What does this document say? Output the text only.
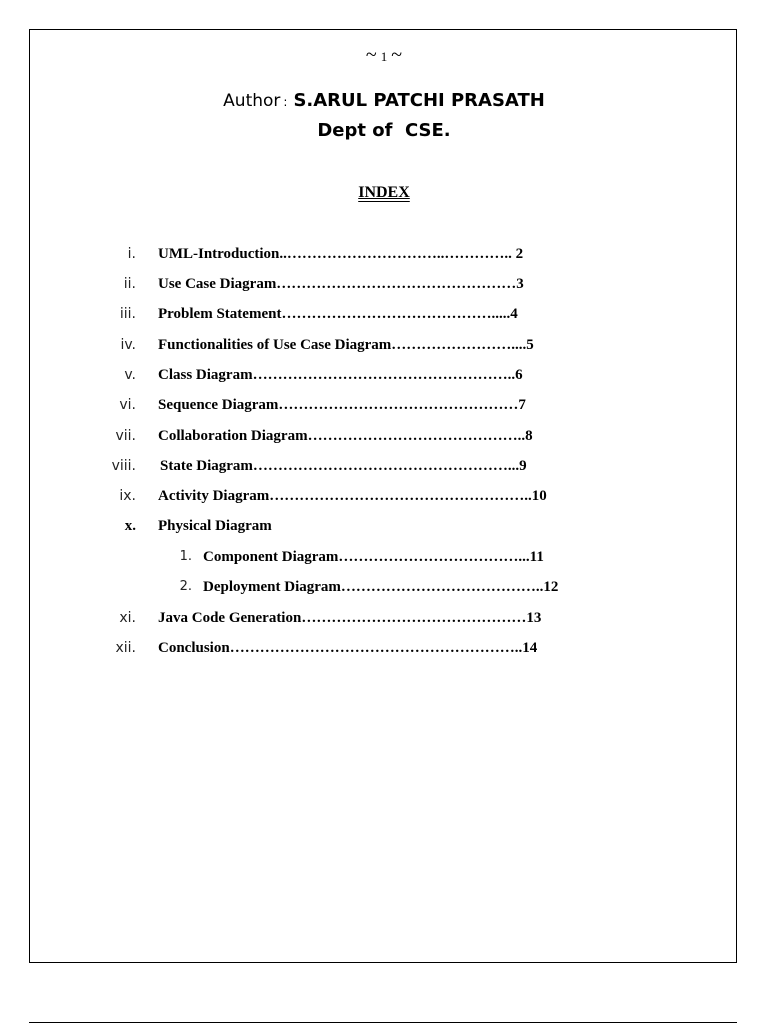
~ 1 ~
Author : S.ARUL PATCHI PRASATH
Dept of  CSE.
INDEX
i. UML-Introduction..…………………………..………….. 2
ii. Use Case Diagram…………………………………………3
iii. Problem Statement…………………………………….....4
iv. Functionalities of Use Case Diagram……………………....5
v. Class Diagram……………………………………………..6
vi. Sequence Diagram…………………………………………7
vii. Collaboration Diagram……………………………………..8
viii. State Diagram……………………………………………...9
ix. Activity Diagram……………………………………………..10
x. Physical Diagram
1. Component Diagram………………………………...11
2. Deployment Diagram…………………………………..12
xi. Java Code Generation………………………………………13
xii. Conclusion…………………………………………………..14
